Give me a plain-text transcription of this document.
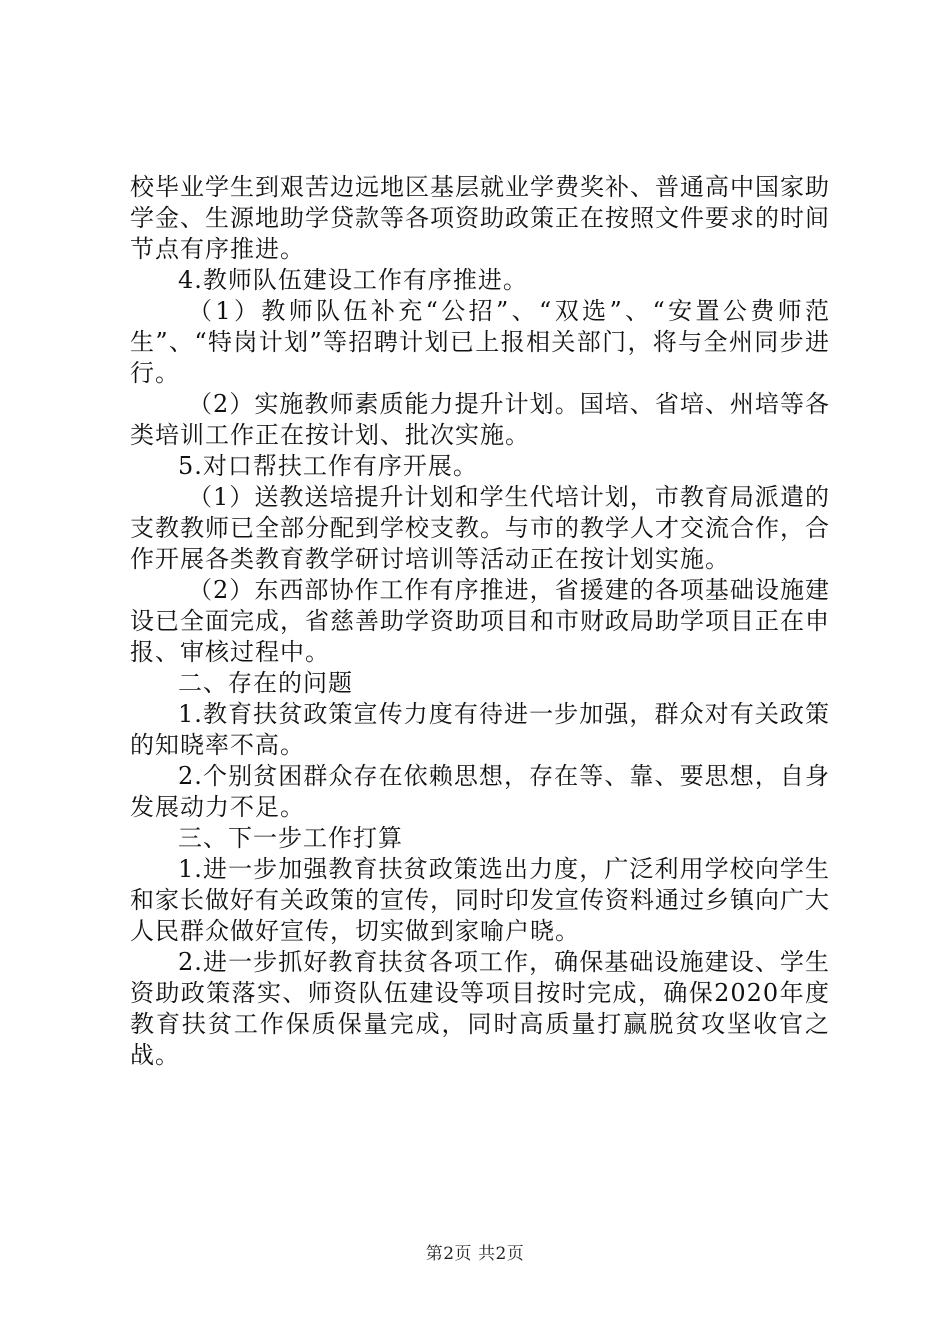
校毕业学生到艰苦边远地区基层就业学费奖补、普通高中国家助学金、生源地助学贷款等各项资助政策正在按照文件要求的时间节点有序推进。

4.教师队伍建设工作有序推进。

（1）教师队伍补充“公招”、“双选”、“安置公费师范生”、“特岗计划”等招聘计划已上报相关部门，将与全州同步进行。

（2）实施教师素质能力提升计划。国培、省培、州培等各类培训工作正在按计划、批次实施。

5.对口帮扶工作有序开展。

（1）送教送培提升计划和学生代培计划，市教育局派遣的支教教师已全部分配到学校支教。与市的教学人才交流合作，合作开展各类教育教学研讨培训等活动正在按计划实施。

（2）东西部协作工作有序推进，省援建的各项基础设施建设已全面完成，省慈善助学资助项目和市财政局助学项目正在申报、审核过程中。

二、存在的问题

1.教育扶贫政策宣传力度有待进一步加强，群众对有关政策的知晓率不高。

2.个别贫困群众存在依赖思想，存在等、靠、要思想，自身发展动力不足。

三、下一步工作打算

1.进一步加强教育扶贫政策选出力度，广泛利用学校向学生和家长做好有关政策的宣传，同时印发宣传资料通过乡镇向广大人民群众做好宣传，切实做到家喻户晓。

2.进一步抓好教育扶贫各项工作，确保基础设施建设、学生资助政策落实、师资队伍建设等项目按时完成，确保2020年度教育扶贫工作保质保量完成，同时高质量打赢脱贫攻坚收官之战。

第2页 共2页
